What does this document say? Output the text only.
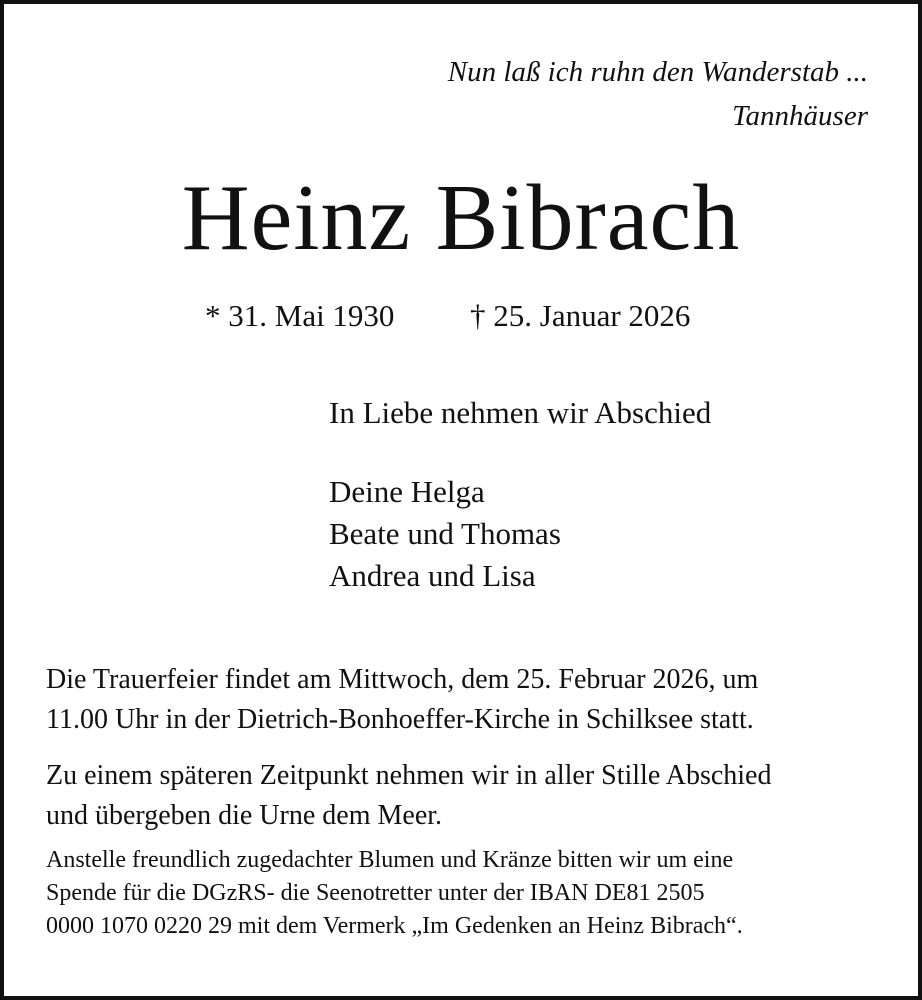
Nun laß ich ruhn den Wanderstab ...
Tannhäuser
Heinz Bibrach
* 31. Mai 1930 † 25. Januar 2026
In Liebe nehmen wir Abschied
Deine Helga
Beate und Thomas
Andrea und Lisa
Die Trauerfeier findet am Mittwoch, dem 25. Februar 2026, um
11.00 Uhr in der Dietrich-Bonhoeffer-Kirche in Schilksee statt.
Zu einem späteren Zeitpunkt nehmen wir in aller Stille Abschied
und übergeben die Urne dem Meer.
Anstelle freundlich zugedachter Blumen und Kränze bitten wir um eine
Spende für die DGzRS- die Seenotretter unter der IBAN DE81 2505
0000 1070 0220 29 mit dem Vermerk „Im Gedenken an Heinz Bibrach“.
